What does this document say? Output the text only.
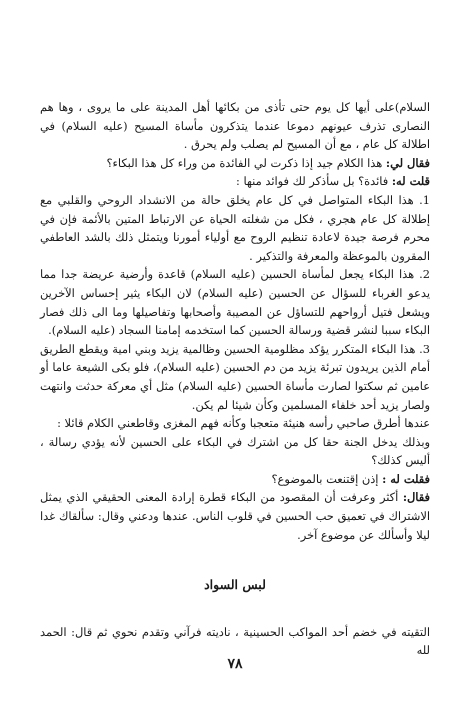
السلام)على أيها كل يوم حتى تأذى من بكائها أهل المدينة على ما يروى ، وها هم النصارى تذرف عيونهم دموعا عندما يتذكرون مأساة المسيح (عليه السلام) في اطلالة كل عام ، مع أن المسيح لم يصلب ولم يحرق .

فقال لي: هذا الكلام جيد إذا ذكرت لي الفائدة من وراء كل هذا البكاء؟

قلت له: فائدة؟ بل سأذكر لك فوائد منها :

1. هذا البكاء المتواصل في كل عام يخلق حالة من الانشداد الروحي والقلبي مع إطلالة كل عام هجري ، فكل من شغلته الحياة عن الارتباط المتين بالأئمة فإن في محرم فرصة جيدة لاعادة تنظيم الروح مع أولياء أمورنا ويتمثل ذلك بالشد العاطفي المقرون بالموعظة والمعرفة والتذكير .

2. هذا البكاء يجعل لمأساة الحسين (عليه السلام) قاعدة وأرضية عريضة جدا مما يدعو الغرباء للسؤال عن الحسين (عليه السلام) لان البكاء يثير إحساس الآخرين ويشعل فتيل أرواحهم للتساؤل عن المصيبة وأصحابها وتفاصيلها وما الى ذلك فصار البكاء سببا لنشر قضية ورسالة الحسين كما استخدمه إمامنا السجاد (عليه السلام).

3. هذا البكاء المتكرر يؤكد مظلومية الحسين وظالمية يزيد وبني امية ويقطع الطريق أمام الذين يريدون تبرئة يزيد من دم الحسين (عليه السلام)، فلو بكى الشيعة عاما أو عامين ثم سكتوا لصارت مأساة الحسين (عليه السلام) مثل أي معركة حدثت وانتهت ولصار يزيد أحد خلفاء المسلمين وكأن شيئا لم يكن.

عندها أطرق صاحبي رأسه هنيئة متعجبا وكأنه فهم المغزى وقاطعني الكلام قائلا :

وبذلك يدخل الجنة حقا كل من اشترك في البكاء على الحسين لأنه يؤدي رسالة ، أليس كذلك؟

فقلت له : إذن إقتنعت بالموضوع؟

فقال: أكثر وعرفت أن المقصود من البكاء قطرة إرادة المعنى الحقيقي الذي يمثل الاشتراك في تعميق حب الحسين في قلوب الناس. عندها ودعني وقال: سألقاك غدا ليلا وأسألك عن موضوع آخر.

لبس السواد

التقيته في خضم أحد المواكب الحسينية ، ناديته فرآني وتقدم نحوي ثم قال: الحمد لله

٧٨
